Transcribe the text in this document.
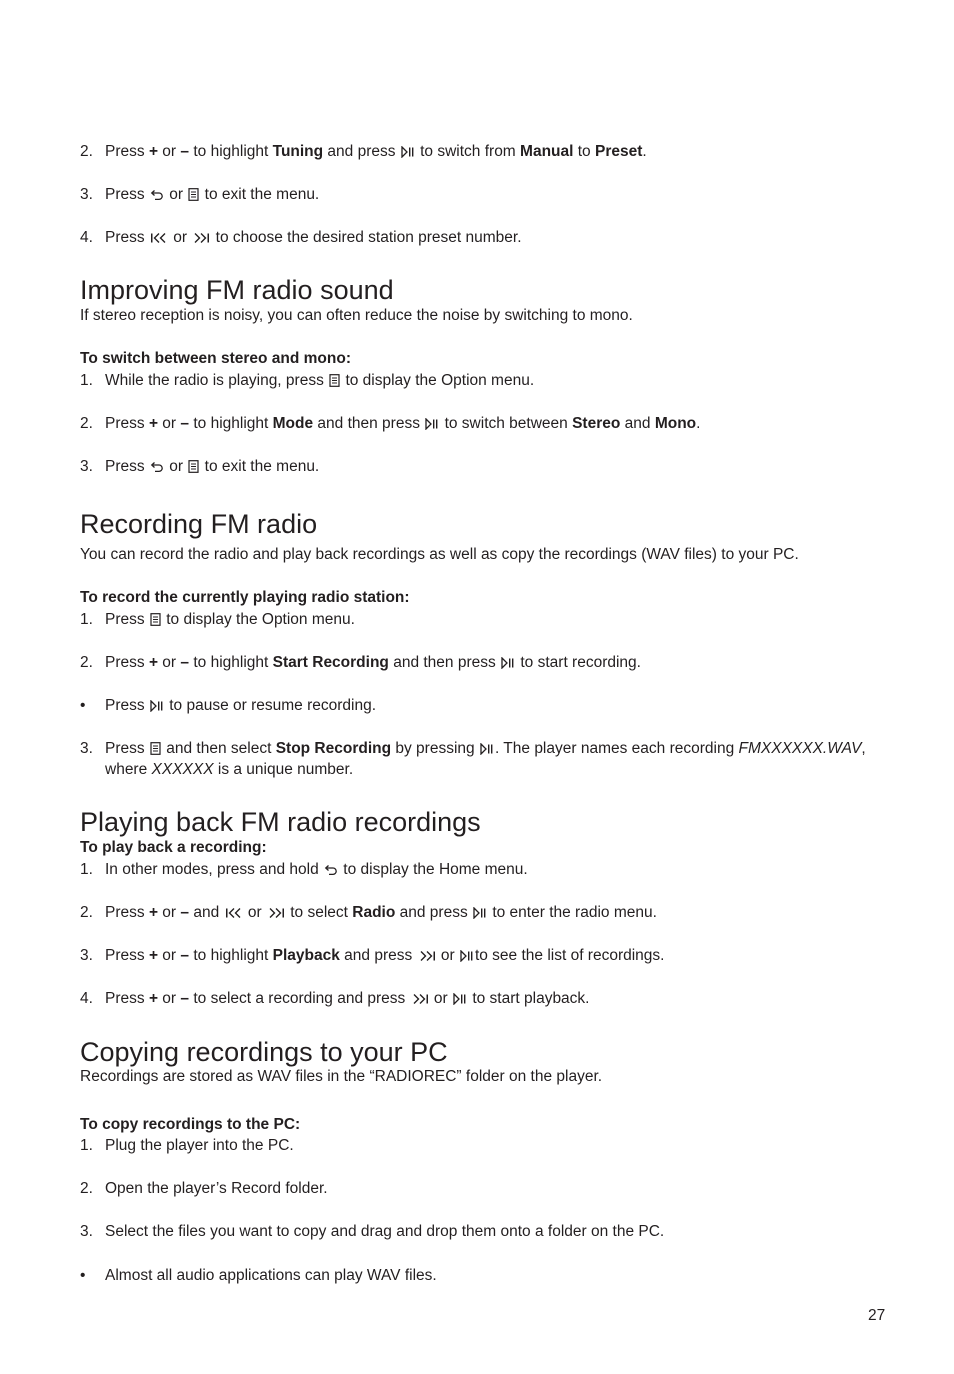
2. Press + or – to highlight Tuning and press
to switch from Manual to Preset.
3. Press
or
to exit the menu.
4. Press
or
to choose the desired station preset number.
Improving FM radio sound
If stereo reception is noisy, you can often reduce the noise by switching to mono.
To switch between stereo and mono:
1. While the radio is playing, press
to display the Option menu.
2. Press + or – to highlight Mode and then press
to switch between Stereo and Mono.
3. Press
or
to exit the menu.
Recording FM radio
You can record the radio and play back recordings as well as copy the recordings (WAV files) to your PC.
To record the currently playing radio station:
1. Press
to display the Option menu.
2. Press + or – to highlight Start Recording and then press
to start recording.
•	Press
to pause or resume recording.
3. Press
and then select Stop Recording by pressing
. The player names each recording FMXXXXXX.WAV,
where XXXXXX is a unique number.
Playing back FM radio recordings
To play back a recording:
1. In other modes, press and hold
to display the Home menu.
2. Press + or – and
or
to select Radio and press
to enter the radio menu.
3. Press + or – to highlight Playback and press
or
to see the list of recordings.
4. Press + or – to select a recording and press
or
to start playback.
Copying recordings to your PC
Recordings are stored as WAV files in the “RADIOREC” folder on the player.
To copy recordings to the PC:
1. Plug the player into the PC.
2. Open the player’s Record folder.
3. Select the files you want to copy and drag and drop them onto a folder on the PC.
•	Almost all audio applications can play WAV files.
27
